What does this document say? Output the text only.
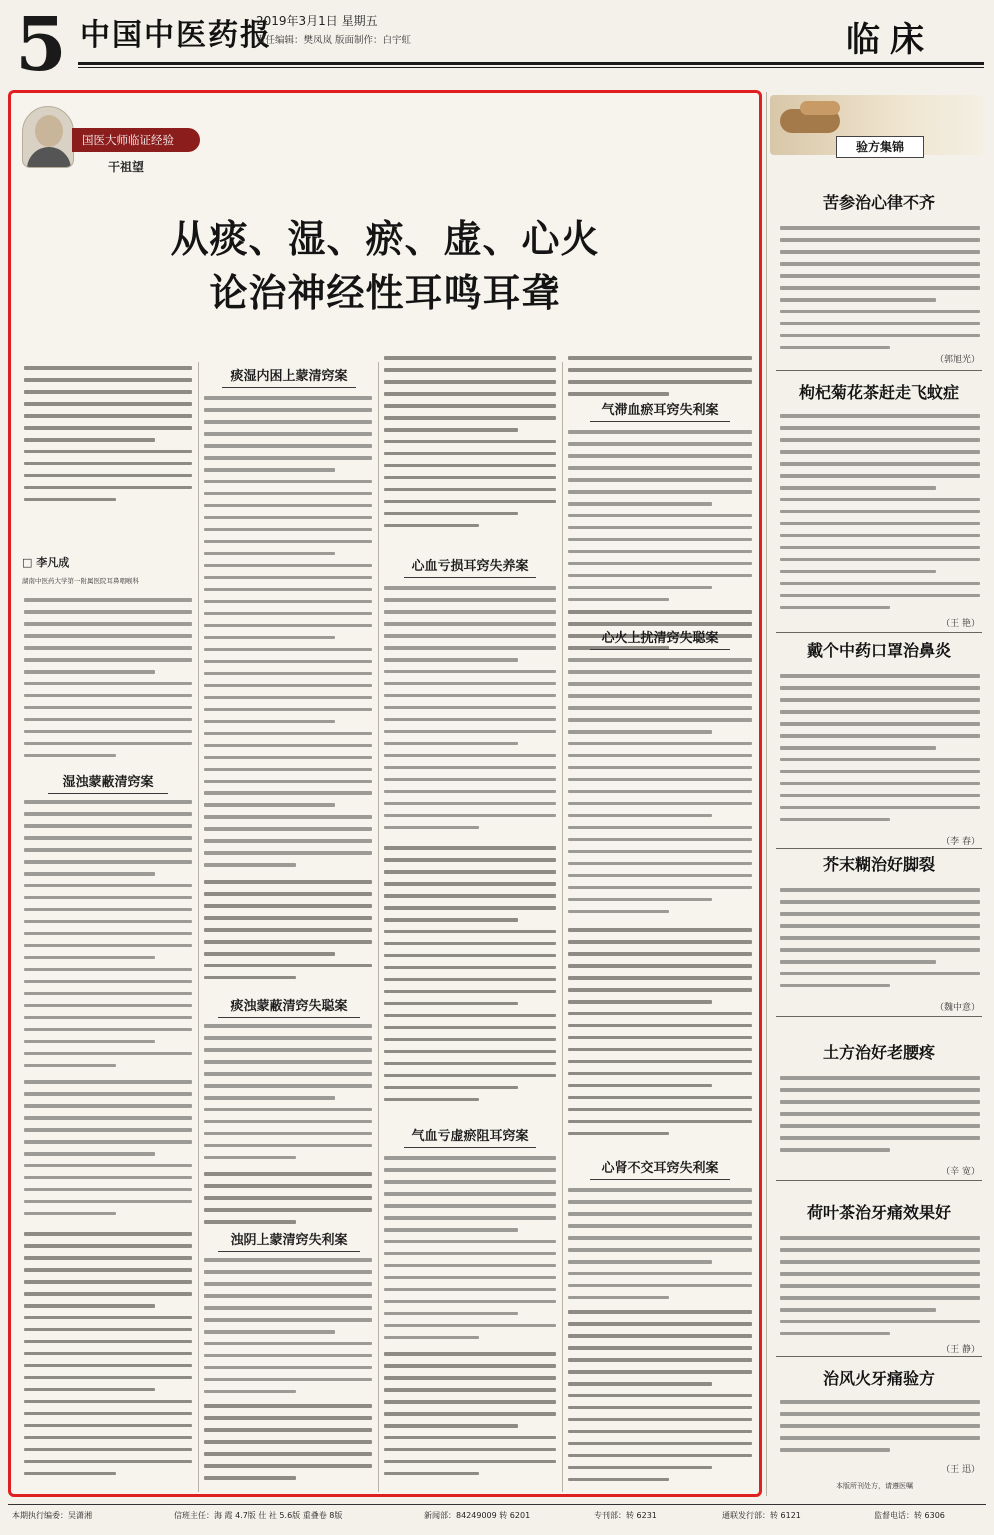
5 中国中医药报
2019年3月1日 星期五
责任编辑：樊凤岚 版面制作：白宇虹	临床
国医大师临证经验
干祖望
从痰、湿、瘀、虚、心火
论治神经性耳鸣耳聋
□ 李凡成
湖南中医药大学第一附属医院耳鼻咽喉科
湿浊蒙蔽清窍案
痰湿内困上蒙清窍案
痰浊蒙蔽清窍失聪案
浊阴上蒙清窍失利案
心血亏损耳窍失养案
气血亏虚瘀阻耳窍案
气滞血瘀耳窍失利案
心火上扰清窍失聪案
心肾不交耳窍失利案
验方集锦
苦参治心律不齐
（郭旭光）
枸杞菊花茶赶走飞蚊症
（王 艳）
戴个中药口罩治鼻炎
（李 春）
芥末糊治好脚裂
（魏中意）
土方治好老腰疼
（辛 宽）
荷叶茶治牙痛效果好
（王 静）
治风火牙痛验方
（王 迅）
本版所刊处方，请遵医嘱
本期执行编委：吴潇湘	信班主任：海 霞 4.7版 仕 社 5.6版 重叠卷 8版	新闻部：84249009 转 6201	专刊部：转 6231	通联发行部：转 6121	监督电话：转 6306
